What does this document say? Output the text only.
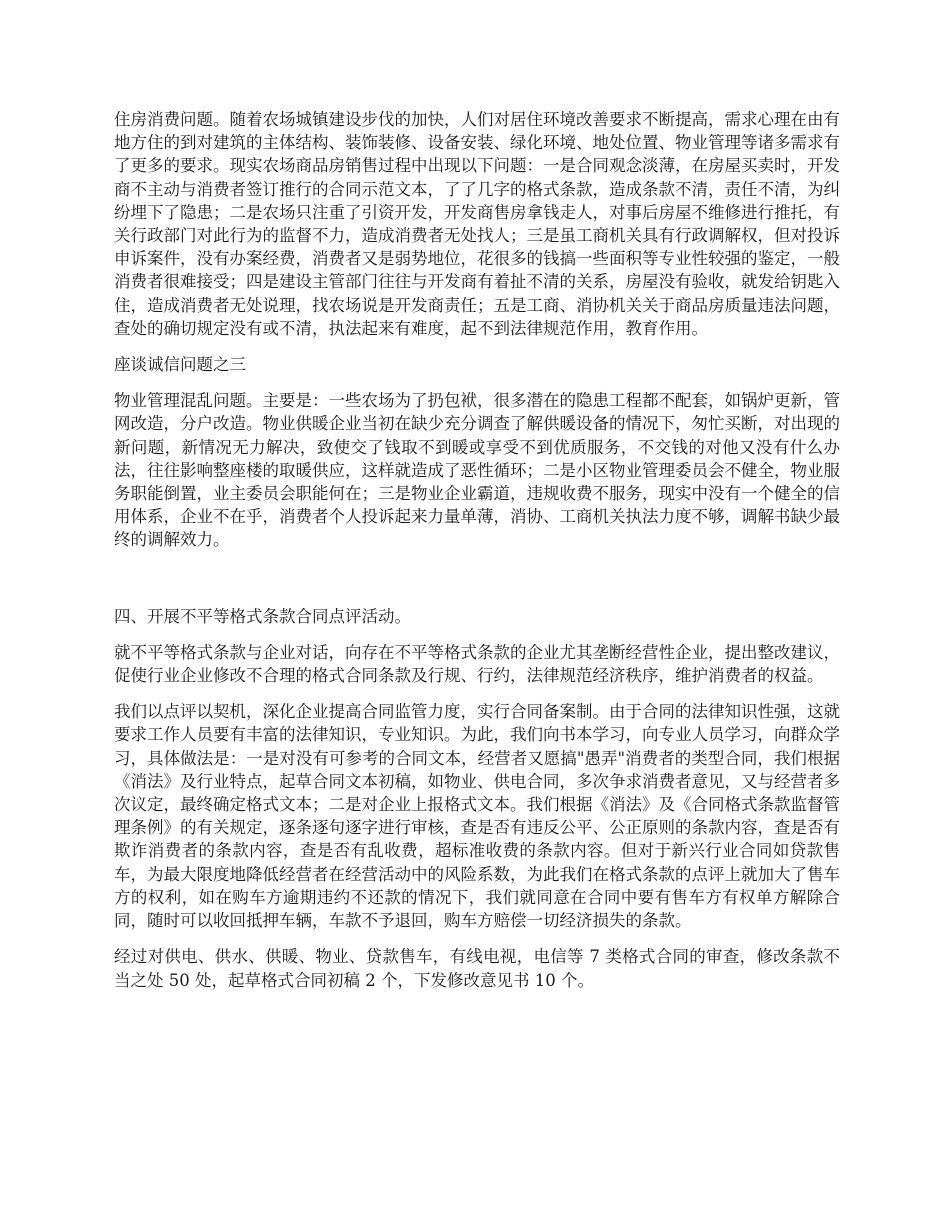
住房消费问题。随着农场城镇建设步伐的加快，人们对居住环境改善要求不断提高，需求心理在由有地方住的到对建筑的主体结构、装饰装修、设备安装、绿化环境、地处位置、物业管理等诸多需求有了更多的要求。现实农场商品房销售过程中出现以下问题：一是合同观念淡薄，在房屋买卖时，开发商不主动与消费者签订推行的合同示范文本，了了几字的格式条款，造成条款不清，责任不清，为纠纷埋下了隐患；二是农场只注重了引资开发，开发商售房拿钱走人，对事后房屋不维修进行推托，有关行政部门对此行为的监督不力，造成消费者无处找人；三是虽工商机关具有行政调解权，但对投诉申诉案件，没有办案经费，消费者又是弱势地位，花很多的钱搞一些面积等专业性较强的鉴定，一般消费者很难接受；四是建设主管部门往往与开发商有着扯不清的关系，房屋没有验收，就发给钥匙入住，造成消费者无处说理，找农场说是开发商责任；五是工商、消协机关关于商品房质量违法问题，查处的确切规定没有或不清，执法起来有难度，起不到法律规范作用，教育作用。

座谈诚信问题之三

物业管理混乱问题。主要是：一些农场为了扔包袱，很多潜在的隐患工程都不配套，如锅炉更新，管网改造，分户改造。物业供暖企业当初在缺少充分调查了解供暖设备的情况下，匆忙买断，对出现的新问题，新情况无力解决，致使交了钱取不到暖或享受不到优质服务，不交钱的对他又没有什么办法，往往影响整座楼的取暖供应，这样就造成了恶性循环；二是小区物业管理委员会不健全，物业服务职能倒置，业主委员会职能何在；三是物业企业霸道，违规收费不服务，现实中没有一个健全的信用体系，企业不在乎，消费者个人投诉起来力量单薄，消协、工商机关执法力度不够，调解书缺少最终的调解效力。

四、开展不平等格式条款合同点评活动。

就不平等格式条款与企业对话，向存在不平等格式条款的企业尤其垄断经营性企业，提出整改建议，促使行业企业修改不合理的格式合同条款及行规、行约，法律规范经济秩序，维护消费者的权益。

我们以点评以契机，深化企业提高合同监管力度，实行合同备案制。由于合同的法律知识性强，这就要求工作人员要有丰富的法律知识，专业知识。为此，我们向书本学习，向专业人员学习，向群众学习，具体做法是：一是对没有可参考的合同文本，经营者又愿搞"愚弄"消费者的类型合同，我们根据《消法》及行业特点，起草合同文本初稿，如物业、供电合同，多次争求消费者意见，又与经营者多次议定，最终确定格式文本；二是对企业上报格式文本。我们根据《消法》及《合同格式条款监督管理条例》的有关规定，逐条逐句逐字进行审核，查是否有违反公平、公正原则的条款内容，查是否有欺诈消费者的条款内容，查是否有乱收费，超标准收费的条款内容。但对于新兴行业合同如贷款售车，为最大限度地降低经营者在经营活动中的风险系数，为此我们在格式条款的点评上就加大了售车方的权利，如在购车方逾期违约不还款的情况下，我们就同意在合同中要有售车方有权单方解除合同，随时可以收回抵押车辆，车款不予退回，购车方赔偿一切经济损失的条款。

经过对供电、供水、供暖、物业、贷款售车，有线电视，电信等 7 类格式合同的审查，修改条款不当之处 50 处，起草格式合同初稿 2 个，下发修改意见书 10 个。
